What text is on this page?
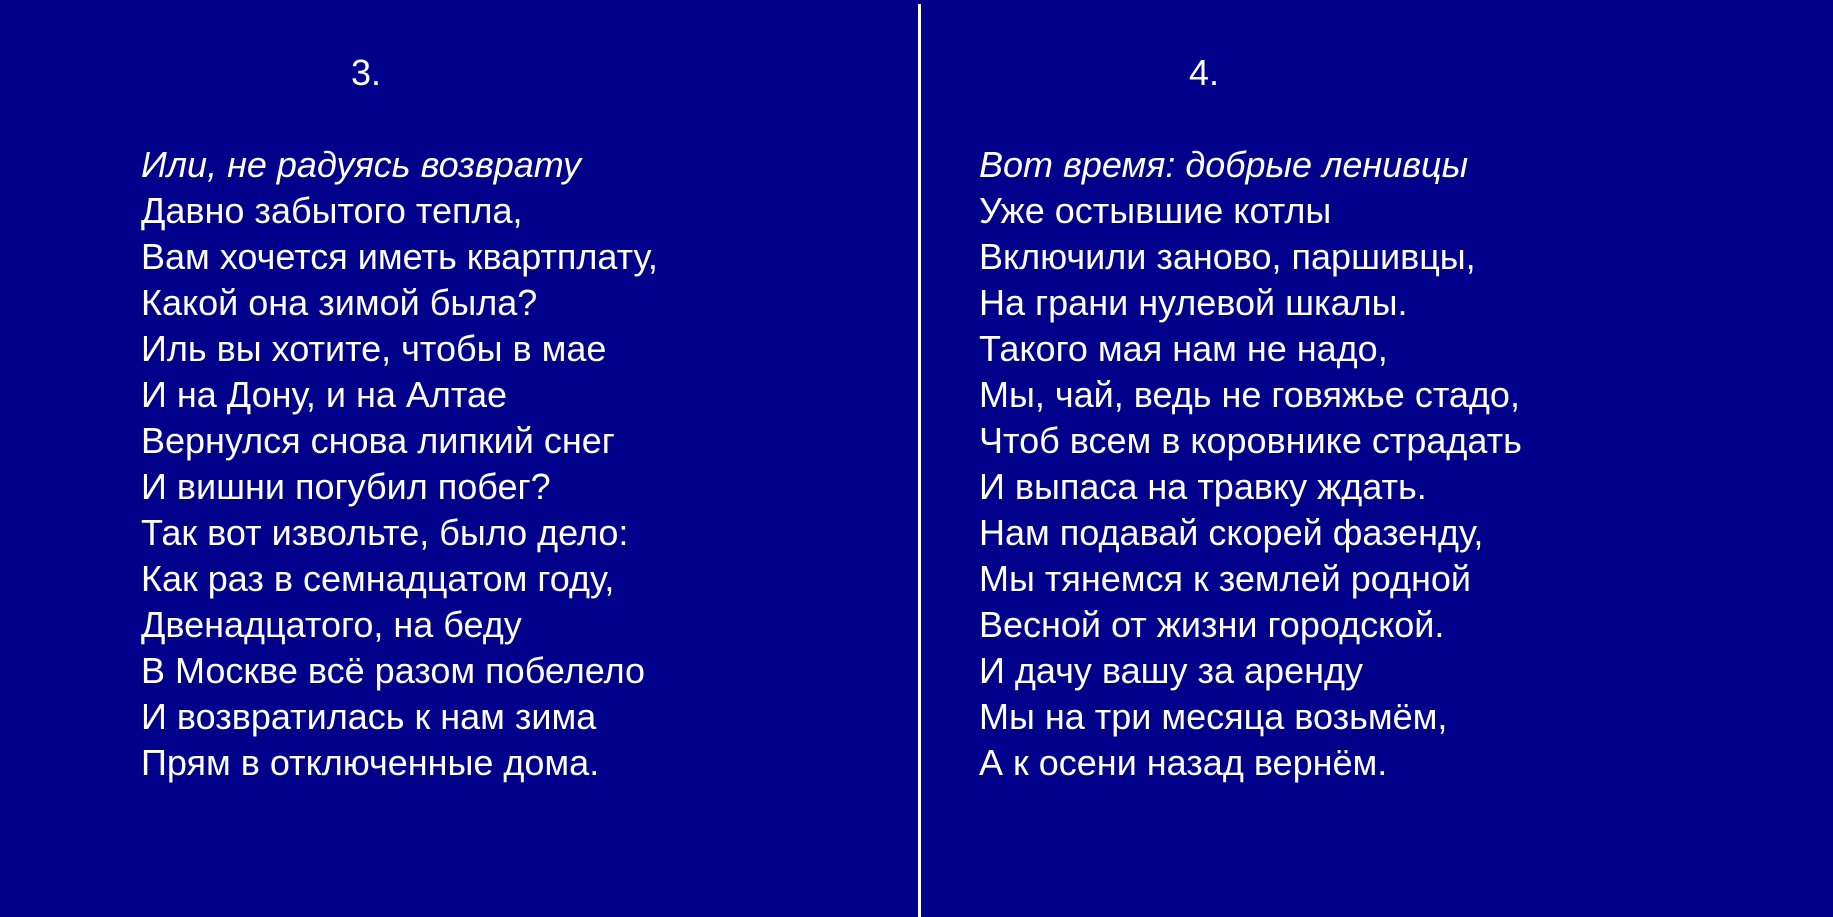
3.
Или, не радуясь возврату
Давно забытого тепла,
Вам хочется иметь квартплату,
Какой она зимой была?
Иль вы хотите, чтобы в мае
И на Дону, и на Алтае
Вернулся снова липкий снег
И вишни погубил побег?
Так вот извольте, было дело:
Как раз в семнадцатом году,
Двенадцатого, на беду
В Москве всё разом побелело
И возвратилась к нам зима
Прям в отключенные дома.
4.
Вот время: добрые ленивцы
Уже остывшие котлы
Включили заново, паршивцы,
На грани нулевой шкалы.
Такого мая нам не надо,
Мы, чай, ведь не говяжье стадо,
Чтоб всем в коровнике страдать
И выпаса на травку ждать.
Нам подавай скорей фазенду,
Мы тянемся к землей родной
Весной от жизни городской.
И дачу вашу за аренду
Мы на три месяца возьмём,
А к осени назад вернём.
